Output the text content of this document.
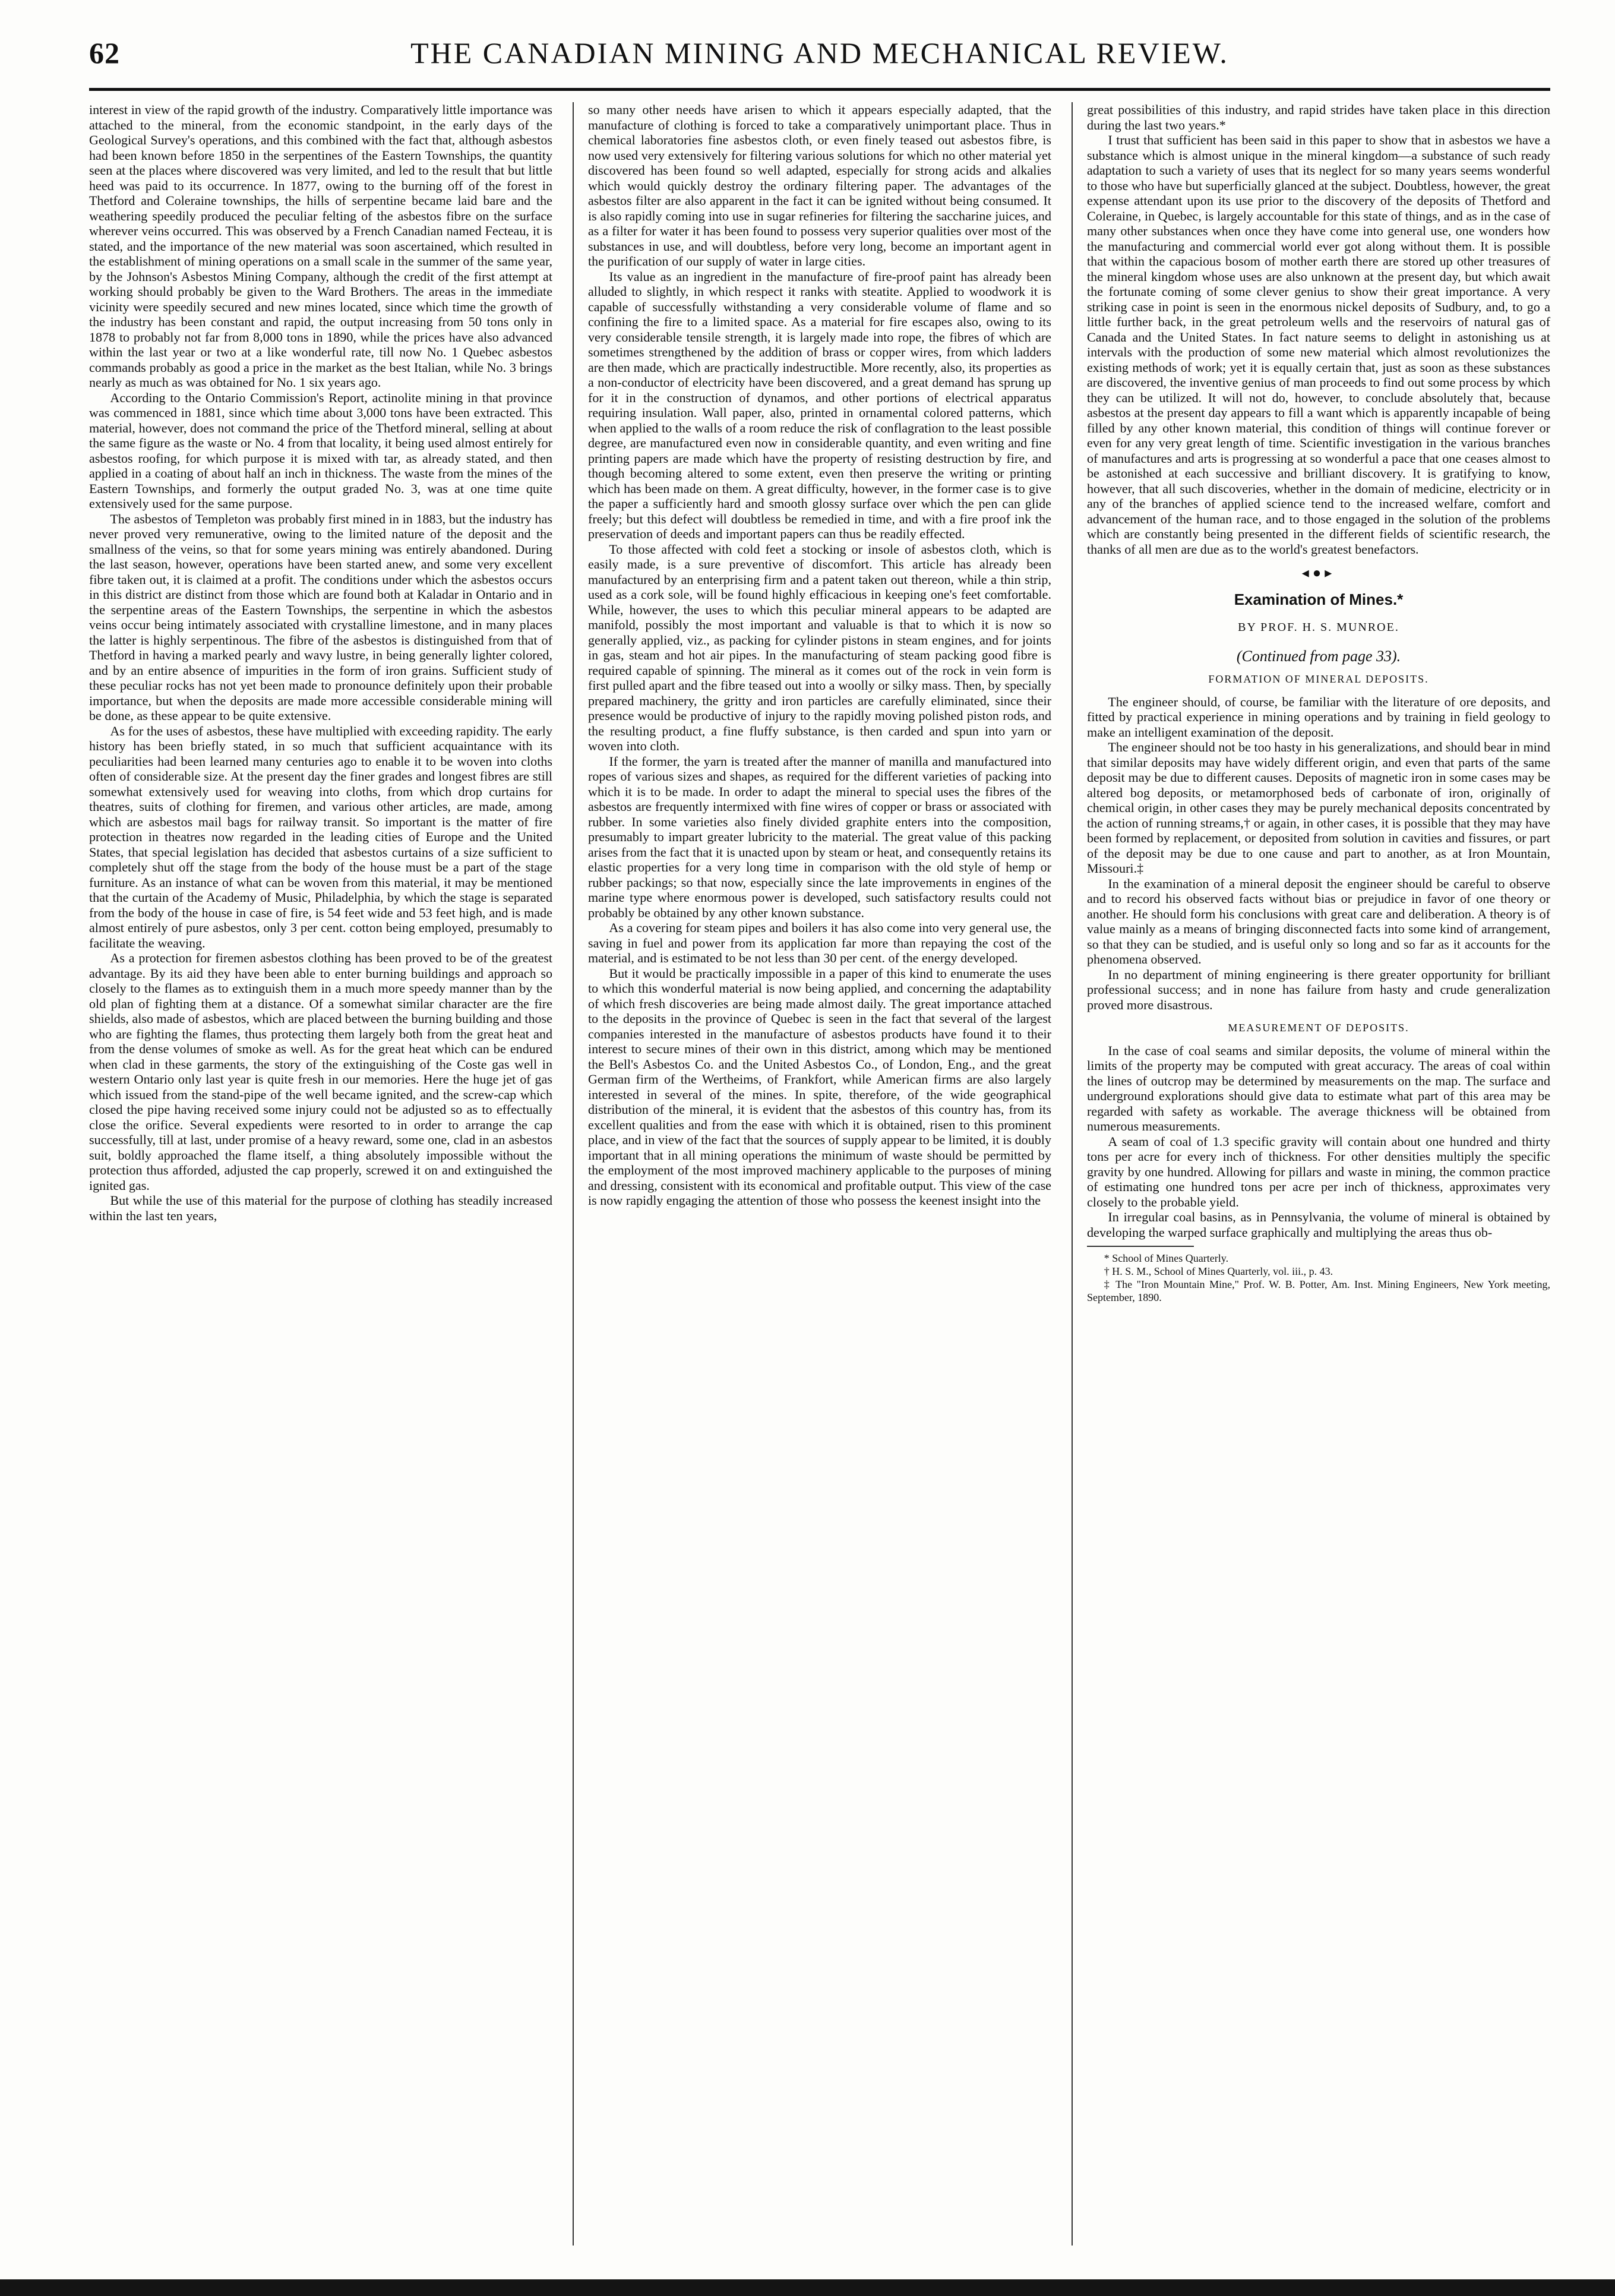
62	THE CANADIAN MINING AND MECHANICAL REVIEW.

interest in view of the rapid growth of the industry. Comparatively little importance was attached to the mineral, from the economic standpoint, in the early days of the Geological Survey's operations, and this combined with the fact that, although asbestos had been known before 1850 in the serpentines of the Eastern Townships, the quantity seen at the places where discovered was very limited, and led to the result that but little heed was paid to its occurrence. In 1877, owing to the burning off of the forest in Thetford and Coleraine townships, the hills of serpentine became laid bare and the weathering speedily produced the peculiar felting of the asbestos fibre on the surface wherever veins occurred. This was observed by a French Canadian named Fecteau, it is stated, and the importance of the new material was soon ascertained, which resulted in the establishment of mining operations on a small scale in the summer of the same year, by the Johnson's Asbestos Mining Company, although the credit of the first attempt at working should probably be given to the Ward Brothers. The areas in the immediate vicinity were speedily secured and new mines located, since which time the growth of the industry has been constant and rapid, the output increasing from 50 tons only in 1878 to probably not far from 8,000 tons in 1890, while the prices have also advanced within the last year or two at a like wonderful rate, till now No. 1 Quebec asbestos commands probably as good a price in the market as the best Italian, while No. 3 brings nearly as much as was obtained for No. 1 six years ago.

According to the Ontario Commission's Report, actinolite mining in that province was commenced in 1881, since which time about 3,000 tons have been extracted. This material, however, does not command the price of the Thetford mineral, selling at about the same figure as the waste or No. 4 from that locality, it being used almost entirely for asbestos roofing, for which purpose it is mixed with tar, as already stated, and then applied in a coating of about half an inch in thickness. The waste from the mines of the Eastern Townships, and formerly the output graded No. 3, was at one time quite extensively used for the same purpose.

The asbestos of Templeton was probably first mined in in 1883, but the industry has never proved very remunerative, owing to the limited nature of the deposit and the smallness of the veins, so that for some years mining was entirely abandoned. During the last season, however, operations have been started anew, and some very excellent fibre taken out, it is claimed at a profit. The conditions under which the asbestos occurs in this district are distinct from those which are found both at Kaladar in Ontario and in the serpentine areas of the Eastern Townships, the serpentine in which the asbestos veins occur being intimately associated with crystalline limestone, and in many places the latter is highly serpentinous. The fibre of the asbestos is distinguished from that of Thetford in having a marked pearly and wavy lustre, in being generally lighter colored, and by an entire absence of impurities in the form of iron grains. Sufficient study of these peculiar rocks has not yet been made to pronounce definitely upon their probable importance, but when the deposits are made more accessible considerable mining will be done, as these appear to be quite extensive.

As for the uses of asbestos, these have multiplied with exceeding rapidity. The early history has been briefly stated, in so much that sufficient acquaintance with its peculiarities had been learned many centuries ago to enable it to be woven into cloths often of considerable size. At the present day the finer grades and longest fibres are still somewhat extensively used for weaving into cloths, from which drop curtains for theatres, suits of clothing for firemen, and various other articles, are made, among which are asbestos mail bags for railway transit. So important is the matter of fire protection in theatres now regarded in the leading cities of Europe and the United States, that special legislation has decided that asbestos curtains of a size sufficient to completely shut off the stage from the body of the house must be a part of the stage furniture. As an instance of what can be woven from this material, it may be mentioned that the curtain of the Academy of Music, Philadelphia, by which the stage is separated from the body of the house in case of fire, is 54 feet wide and 53 feet high, and is made almost entirely of pure asbestos, only 3 per cent. cotton being employed, presumably to facilitate the weaving.

As a protection for firemen asbestos clothing has been proved to be of the greatest advantage. By its aid they have been able to enter burning buildings and approach so closely to the flames as to extinguish them in a much more speedy manner than by the old plan of fighting them at a distance. Of a somewhat similar character are the fire shields, also made of asbestos, which are placed between the burning building and those who are fighting the flames, thus protecting them largely both from the great heat and from the dense volumes of smoke as well. As for the great heat which can be endured when clad in these garments, the story of the extinguishing of the Coste gas well in western Ontario only last year is quite fresh in our memories. Here the huge jet of gas which issued from the stand-pipe of the well became ignited, and the screw-cap which closed the pipe having received some injury could not be adjusted so as to effectually close the orifice. Several expedients were resorted to in order to arrange the cap successfully, till at last, under promise of a heavy reward, some one, clad in an asbestos suit, boldly approached the flame itself, a thing absolutely impossible without the protection thus afforded, adjusted the cap properly, screwed it on and extinguished the ignited gas.

But while the use of this material for the purpose of clothing has steadily increased within the last ten years,

so many other needs have arisen to which it appears especially adapted, that the manufacture of clothing is forced to take a comparatively unimportant place. Thus in chemical laboratories fine asbestos cloth, or even finely teased out asbestos fibre, is now used very extensively for filtering various solutions for which no other material yet discovered has been found so well adapted, especially for strong acids and alkalies which would quickly destroy the ordinary filtering paper. The advantages of the asbestos filter are also apparent in the fact it can be ignited without being consumed. It is also rapidly coming into use in sugar refineries for filtering the saccharine juices, and as a filter for water it has been found to possess very superior qualities over most of the substances in use, and will doubtless, before very long, become an important agent in the purification of our supply of water in large cities.

Its value as an ingredient in the manufacture of fire-proof paint has already been alluded to slightly, in which respect it ranks with steatite. Applied to woodwork it is capable of successfully withstanding a very considerable volume of flame and so confining the fire to a limited space. As a material for fire escapes also, owing to its very considerable tensile strength, it is largely made into rope, the fibres of which are sometimes strengthened by the addition of brass or copper wires, from which ladders are then made, which are practically indestructible. More recently, also, its properties as a non-conductor of electricity have been discovered, and a great demand has sprung up for it in the construction of dynamos, and other portions of electrical apparatus requiring insulation. Wall paper, also, printed in ornamental colored patterns, which when applied to the walls of a room reduce the risk of conflagration to the least possible degree, are manufactured even now in considerable quantity, and even writing and fine printing papers are made which have the property of resisting destruction by fire, and though becoming altered to some extent, even then preserve the writing or printing which has been made on them. A great difficulty, however, in the former case is to give the paper a sufficiently hard and smooth glossy surface over which the pen can glide freely; but this defect will doubtless be remedied in time, and with a fire proof ink the preservation of deeds and important papers can thus be readily effected.

To those affected with cold feet a stocking or insole of asbestos cloth, which is easily made, is a sure preventive of discomfort. This article has already been manufactured by an enterprising firm and a patent taken out thereon, while a thin strip, used as a cork sole, will be found highly efficacious in keeping one's feet comfortable. While, however, the uses to which this peculiar mineral appears to be adapted are manifold, possibly the most important and valuable is that to which it is now so generally applied, viz., as packing for cylinder pistons in steam engines, and for joints in gas, steam and hot air pipes. In the manufacturing of steam packing good fibre is required capable of spinning. The mineral as it comes out of the rock in vein form is first pulled apart and the fibre teased out into a woolly or silky mass. Then, by specially prepared machinery, the gritty and iron particles are carefully eliminated, since their presence would be productive of injury to the rapidly moving polished piston rods, and the resulting product, a fine fluffy substance, is then carded and spun into yarn or woven into cloth.

If the former, the yarn is treated after the manner of manilla and manufactured into ropes of various sizes and shapes, as required for the different varieties of packing into which it is to be made. In order to adapt the mineral to special uses the fibres of the asbestos are frequently intermixed with fine wires of copper or brass or associated with rubber. In some varieties also finely divided graphite enters into the composition, presumably to impart greater lubricity to the material. The great value of this packing arises from the fact that it is unacted upon by steam or heat, and consequently retains its elastic properties for a very long time in comparison with the old style of hemp or rubber packings; so that now, especially since the late improvements in engines of the marine type where enormous power is developed, such satisfactory results could not probably be obtained by any other known substance.

As a covering for steam pipes and boilers it has also come into very general use, the saving in fuel and power from its application far more than repaying the cost of the material, and is estimated to be not less than 30 per cent. of the energy developed.

But it would be practically impossible in a paper of this kind to enumerate the uses to which this wonderful material is now being applied, and concerning the adaptability of which fresh discoveries are being made almost daily. The great importance attached to the deposits in the province of Quebec is seen in the fact that several of the largest companies interested in the manufacture of asbestos products have found it to their interest to secure mines of their own in this district, among which may be mentioned the Bell's Asbestos Co. and the United Asbestos Co., of London, Eng., and the great German firm of the Wertheims, of Frankfort, while American firms are also largely interested in several of the mines. In spite, therefore, of the wide geographical distribution of the mineral, it is evident that the asbestos of this country has, from its excellent qualities and from the ease with which it is obtained, risen to this prominent place, and in view of the fact that the sources of supply appear to be limited, it is doubly important that in all mining operations the minimum of waste should be permitted by the employment of the most improved machinery applicable to the purposes of mining and dressing, consistent with its economical and profitable output. This view of the case is now rapidly engaging the attention of those who possess the keenest insight into the

great possibilities of this industry, and rapid strides have taken place in this direction during the last two years.*

I trust that sufficient has been said in this paper to show that in asbestos we have a substance which is almost unique in the mineral kingdom—a substance of such ready adaptation to such a variety of uses that its neglect for so many years seems wonderful to those who have but superficially glanced at the subject. Doubtless, however, the great expense attendant upon its use prior to the discovery of the deposits of Thetford and Coleraine, in Quebec, is largely accountable for this state of things, and as in the case of many other substances when once they have come into general use, one wonders how the manufacturing and commercial world ever got along without them. It is possible that within the capacious bosom of mother earth there are stored up other treasures of the mineral kingdom whose uses are also unknown at the present day, but which await the fortunate coming of some clever genius to show their great importance. A very striking case in point is seen in the enormous nickel deposits of Sudbury, and, to go a little further back, in the great petroleum wells and the reservoirs of natural gas of Canada and the United States. In fact nature seems to delight in astonishing us at intervals with the production of some new material which almost revolutionizes the existing methods of work; yet it is equally certain that, just as soon as these substances are discovered, the inventive genius of man proceeds to find out some process by which they can be utilized. It will not do, however, to conclude absolutely that, because asbestos at the present day appears to fill a want which is apparently incapable of being filled by any other known material, this condition of things will continue forever or even for any very great length of time. Scientific investigation in the various branches of manufactures and arts is progressing at so wonderful a pace that one ceases almost to be astonished at each successive and brilliant discovery. It is gratifying to know, however, that all such discoveries, whether in the domain of medicine, electricity or in any of the branches of applied science tend to the increased welfare, comfort and advancement of the human race, and to those engaged in the solution of the problems which are constantly being presented in the different fields of scientific research, the thanks of all men are due as to the world's greatest benefactors.

◂●▸
Examination of Mines.*
BY PROF. H. S. MUNROE.
(Continued from page 33).
FORMATION OF MINERAL DEPOSITS.

The engineer should, of course, be familiar with the literature of ore deposits, and fitted by practical experience in mining operations and by training in field geology to make an intelligent examination of the deposit.

The engineer should not be too hasty in his generalizations, and should bear in mind that similar deposits may have widely different origin, and even that parts of the same deposit may be due to different causes. Deposits of magnetic iron in some cases may be altered bog deposits, or metamorphosed beds of carbonate of iron, originally of chemical origin, in other cases they may be purely mechanical deposits concentrated by the action of running streams,† or again, in other cases, it is possible that they may have been formed by replacement, or deposited from solution in cavities and fissures, or part of the deposit may be due to one cause and part to another, as at Iron Mountain, Missouri.‡

In the examination of a mineral deposit the engineer should be careful to observe and to record his observed facts without bias or prejudice in favor of one theory or another. He should form his conclusions with great care and deliberation. A theory is of value mainly as a means of bringing disconnected facts into some kind of arrangement, so that they can be studied, and is useful only so long and so far as it accounts for the phenomena observed.

In no department of mining engineering is there greater opportunity for brilliant professional success; and in none has failure from hasty and crude generalization proved more disastrous.

MEASUREMENT OF DEPOSITS.

In the case of coal seams and similar deposits, the volume of mineral within the limits of the property may be computed with great accuracy. The areas of coal within the lines of outcrop may be determined by measurements on the map. The surface and underground explorations should give data to estimate what part of this area may be regarded with safety as workable. The average thickness will be obtained from numerous measurements.

A seam of coal of 1.3 specific gravity will contain about one hundred and thirty tons per acre for every inch of thickness. For other densities multiply the specific gravity by one hundred. Allowing for pillars and waste in mining, the common practice of estimating one hundred tons per acre per inch of thickness, approximates very closely to the probable yield.

In irregular coal basins, as in Pennsylvania, the volume of mineral is obtained by developing the warped surface graphically and multiplying the areas thus ob-

* School of Mines Quarterly.

† H. S. M., School of Mines Quarterly, vol. iii., p. 43.

‡ The "Iron Mountain Mine," Prof. W. B. Potter, Am. Inst. Mining Engineers, New York meeting, September, 1890.
